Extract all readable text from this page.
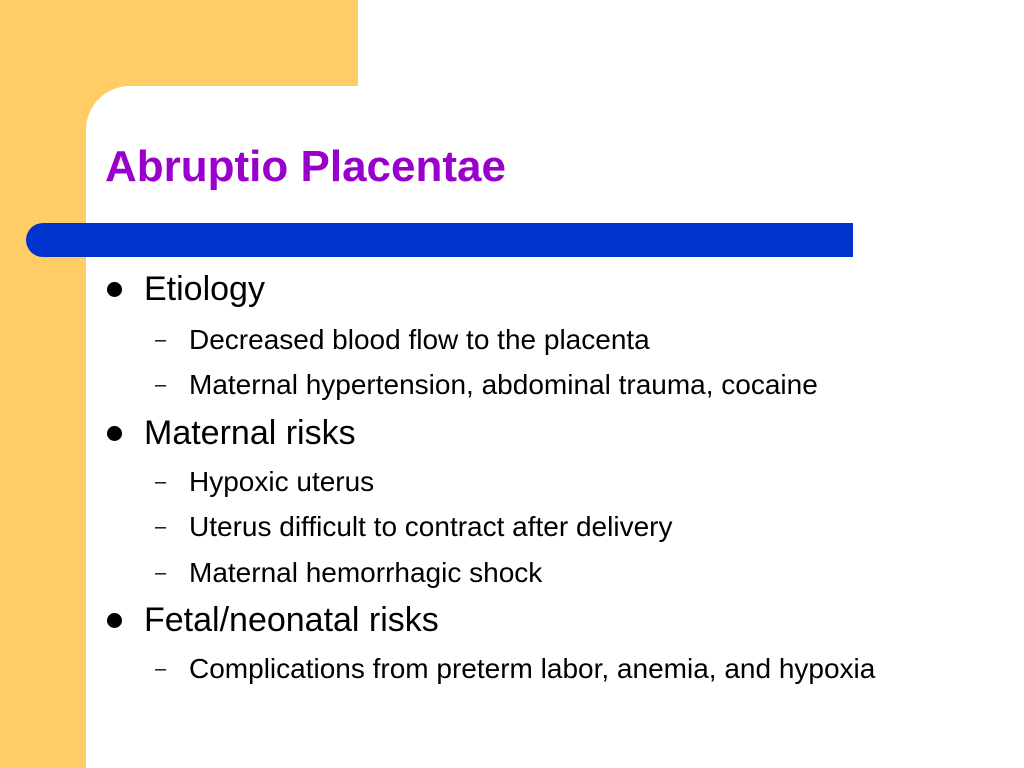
Abruptio Placentae
Etiology
– Decreased blood flow to the placenta
– Maternal hypertension, abdominal trauma, cocaine
Maternal risks
– Hypoxic uterus
– Uterus difficult to contract after delivery
– Maternal hemorrhagic shock
Fetal/neonatal risks
– Complications from preterm labor, anemia, and hypoxia
